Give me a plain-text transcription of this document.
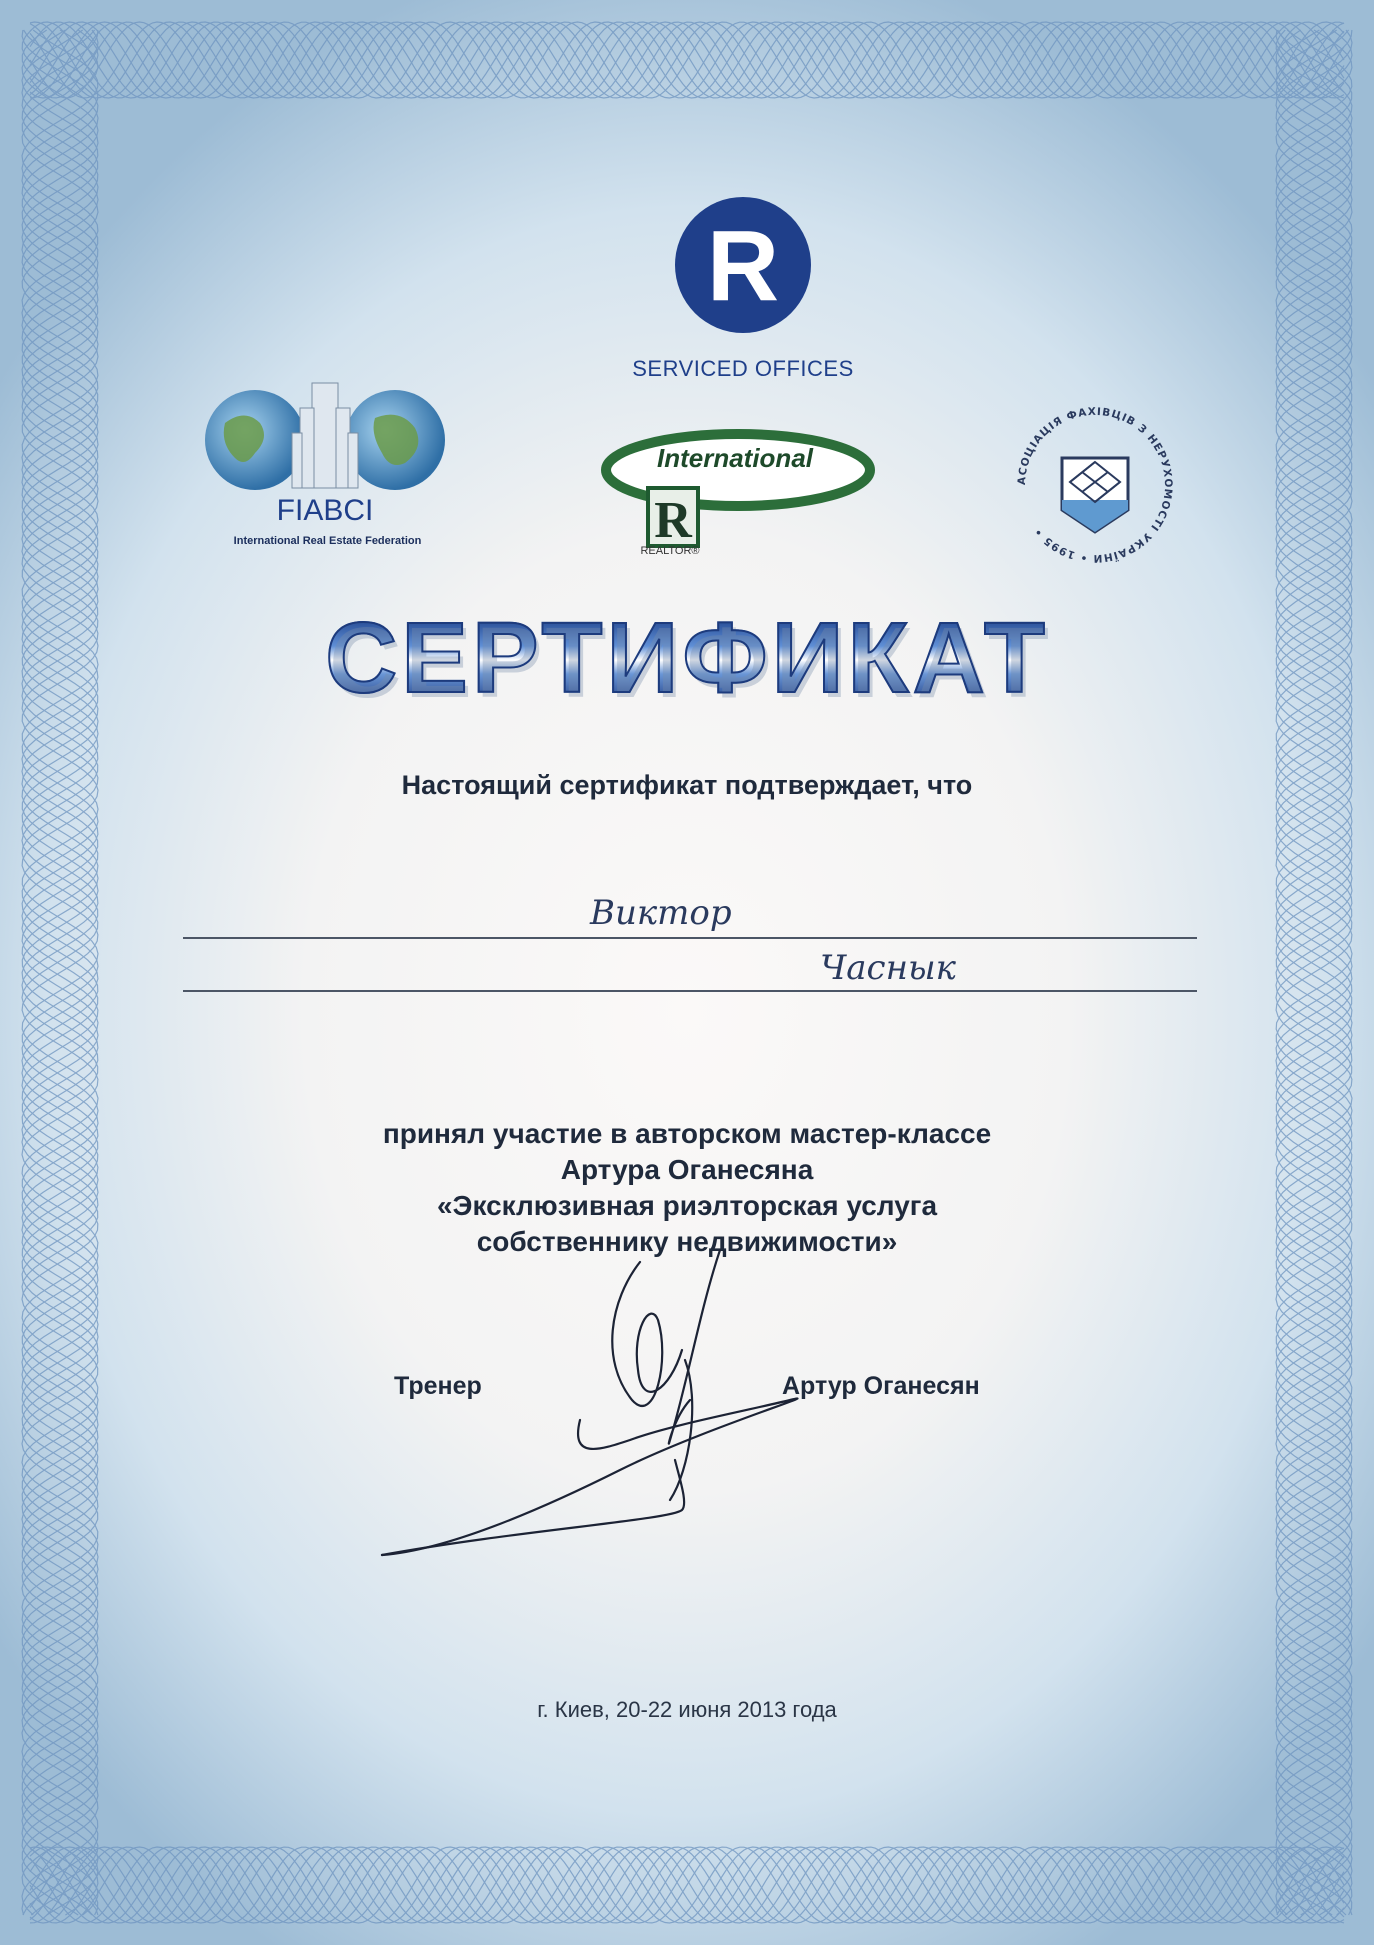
R
SERVICED OFFICES
FIABCI
International Real Estate Federation	R
International
REALTOR®
АСОЦІАЦІЯ ФАХІВЦІВ З НЕРУХОМОСТІ УКРАЇНИ • 1995 •
СЕРТИФИКАТ
Настоящий сертификат подтверждает, что
Виктор
Часнык
принял участие в авторском мастер-классе
Артура Оганесяна
«Эксклюзивная риэлторская услуга
собственнику недвижимости»
Тренер	Артур Оганесян
г. Киев, 20-22 июня 2013 года
